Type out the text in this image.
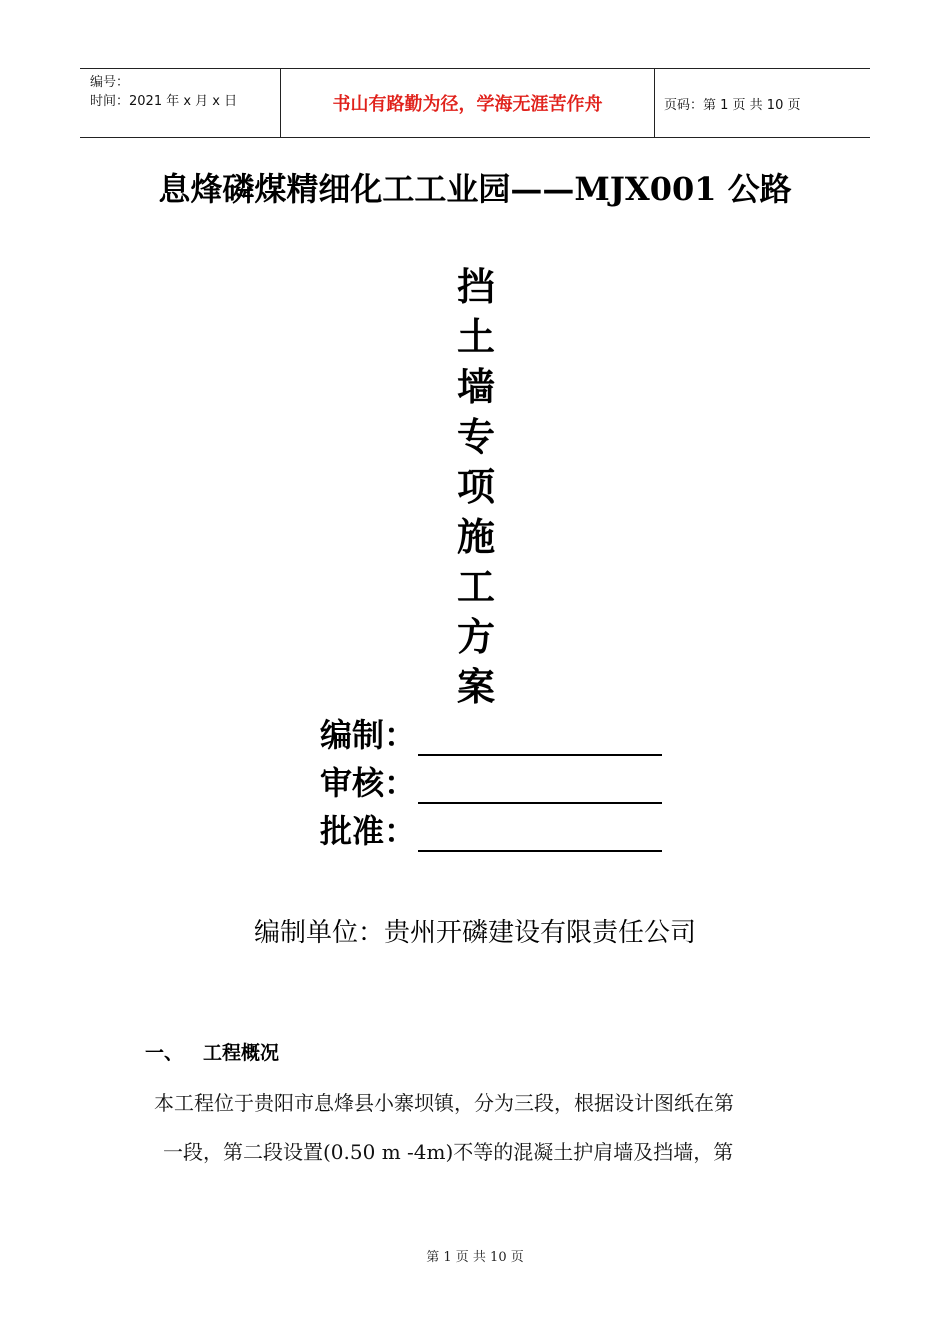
编号：
时间：2021 年 x 月 x 日	书山有路勤为径，学海无涯苦作舟	页码：第 1 页 共 10 页
息烽磷煤精细化工工业园——MJX001 公路
挡
土
墙
专
项
施
工
方
案
编制：
审核：
批准：
编制单位：贵州开磷建设有限责任公司
一、 工程概况
本工程位于贵阳市息烽县小寨坝镇，分为三段，根据设计图纸在第
一段，第二段设置(0.50 m -4m)不等的混凝土护肩墙及挡墙，第
第 1 页 共 10 页
